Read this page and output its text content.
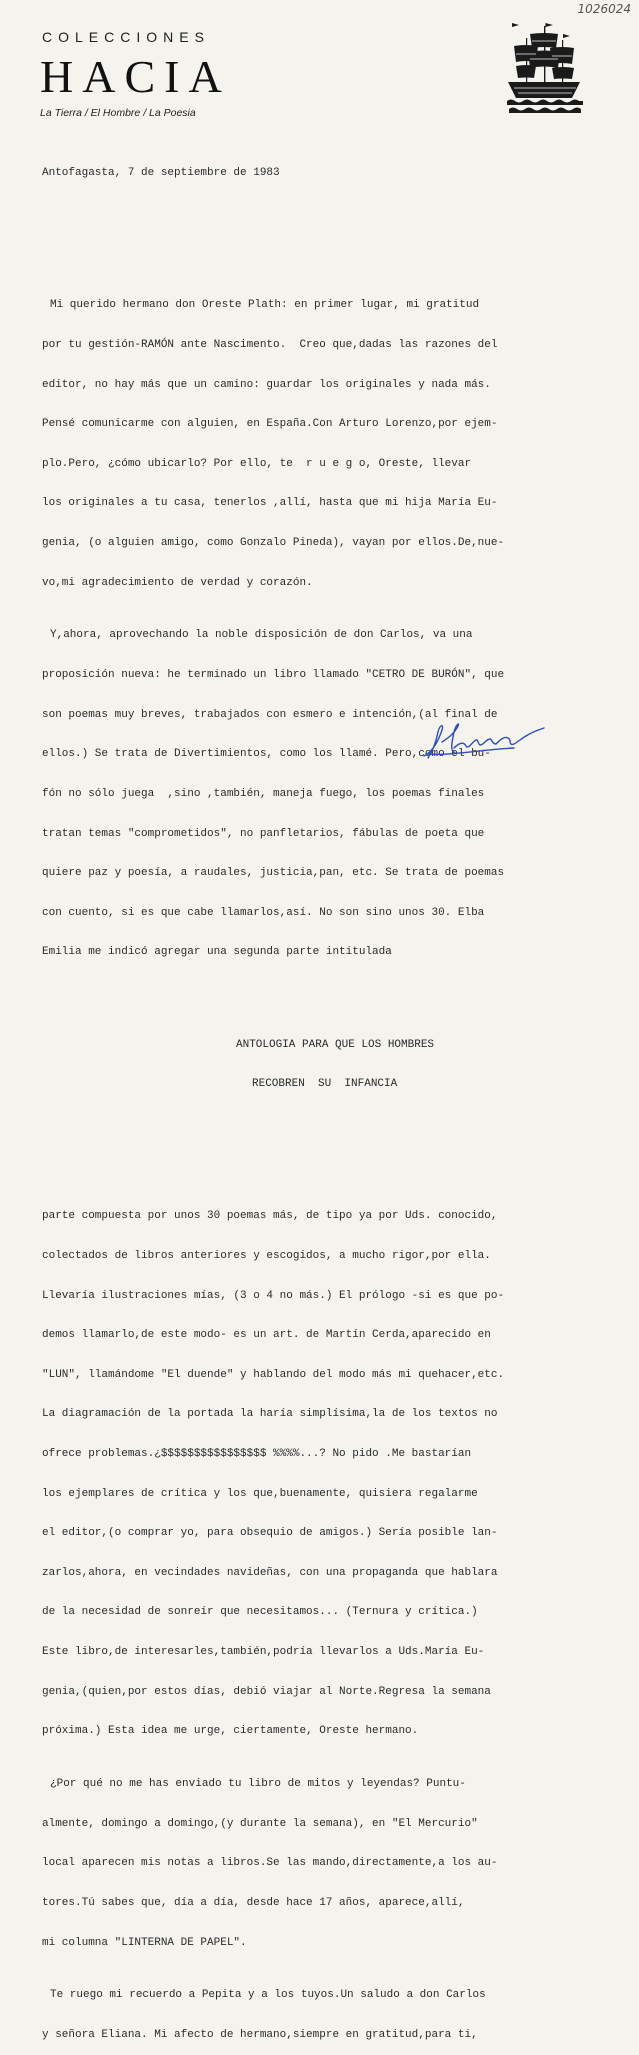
1026024
COLECCIONES
HACIA
La Tierra / El Hombre / La Poesia

Antofagasta, 7 de septiembre de 1983

Mi querido hermano don Oreste Plath: en primer lugar, mi gratitud

por tu gestión-RAMÓN ante Nascimento.  Creo que,dadas las razones del

editor, no hay más que un camino: guardar los originales y nada más.

Pensé comunicarme con alguien, en España.Con Arturo Lorenzo,por ejem-

plo.Pero, ¿cómo ubicarlo? Por ello, te  r u e g o, Oreste, llevar

los originales a tu casa, tenerlos ,allí, hasta que mi hija María Eu-

genia, (o alguien amigo, como Gonzalo Pineda), vayan por ellos.De,nue-

vo,mi agradecimiento de verdad y corazón.

Y,ahora, aprovechando la noble disposición de don Carlos, va una

proposición nueva: he terminado un libro llamado "CETRO DE BURÓN", que

son poemas muy breves, trabajados con esmero e intención,(al final de

ellos.) Se trata de Divertimientos, como los llamé. Pero,como el bu-

fón no sólo juega  ,sino ,también, maneja fuego, los poemas finales

tratan temas "comprometidos", no panfletarios, fábulas de poeta que

quiere paz y poesía, a raudales, justicia,pan, etc. Se trata de poemas

con cuento, si es que cabe llamarlos,así. No son sino unos 30. Elba

Emilia me indicó agregar una segunda parte intitulada

ANTOLOGIA PARA QUE LOS HOMBRES

RECOBREN  SU  INFANCIA

parte compuesta por unos 30 poemas más, de tipo ya por Uds. conocido,

colectados de libros anteriores y escogidos, a mucho rigor,por ella.

Llevaría ilustraciones mías, (3 o 4 no más.) El prólogo -si es que po-

demos llamarlo,de este modo- es un art. de Martín Cerda,aparecido en

"LUN", llamándome "El duende" y hablando del modo más mi quehacer,etc.

La diagramación de la portada la haría simplísima,la de los textos no

ofrece problemas.¿$$$$$$$$$$$$$$$$ %%%%...? No pido .Me bastarían

los ejemplares de crítica y los que,buenamente, quisiera regalarme

el editor,(o comprar yo, para obsequio de amigos.) Sería posible lan-

zarlos,ahora, en vecindades navideñas, con una propaganda que hablara

de la necesidad de sonreír que necesitamos... (Ternura y crítica.)

Este libro,de interesarles,también,podría llevarlos a Uds.María Eu-

genia,(quien,por estos días, debió viajar al Norte.Regresa la semana

próxima.) Esta idea me urge, ciertamente, Oreste hermano.

¿Por qué no me has enviado tu libro de mitos y leyendas? Puntu-

almente, domingo a domingo,(y durante la semana), en "El Mercurio"

local aparecen mis notas a libros.Se las mando,directamente,a los au-

tores.Tú sabes que, día a día, desde hace 17 años, aparece,allí,

mi columna "LINTERNA DE PAPEL".

Te ruego mi recuerdo a Pepita y a los tuyos.Un saludo a don Carlos

y señora Eliana. Mi afecto de hermano,siempre en gratitud,para ti,
